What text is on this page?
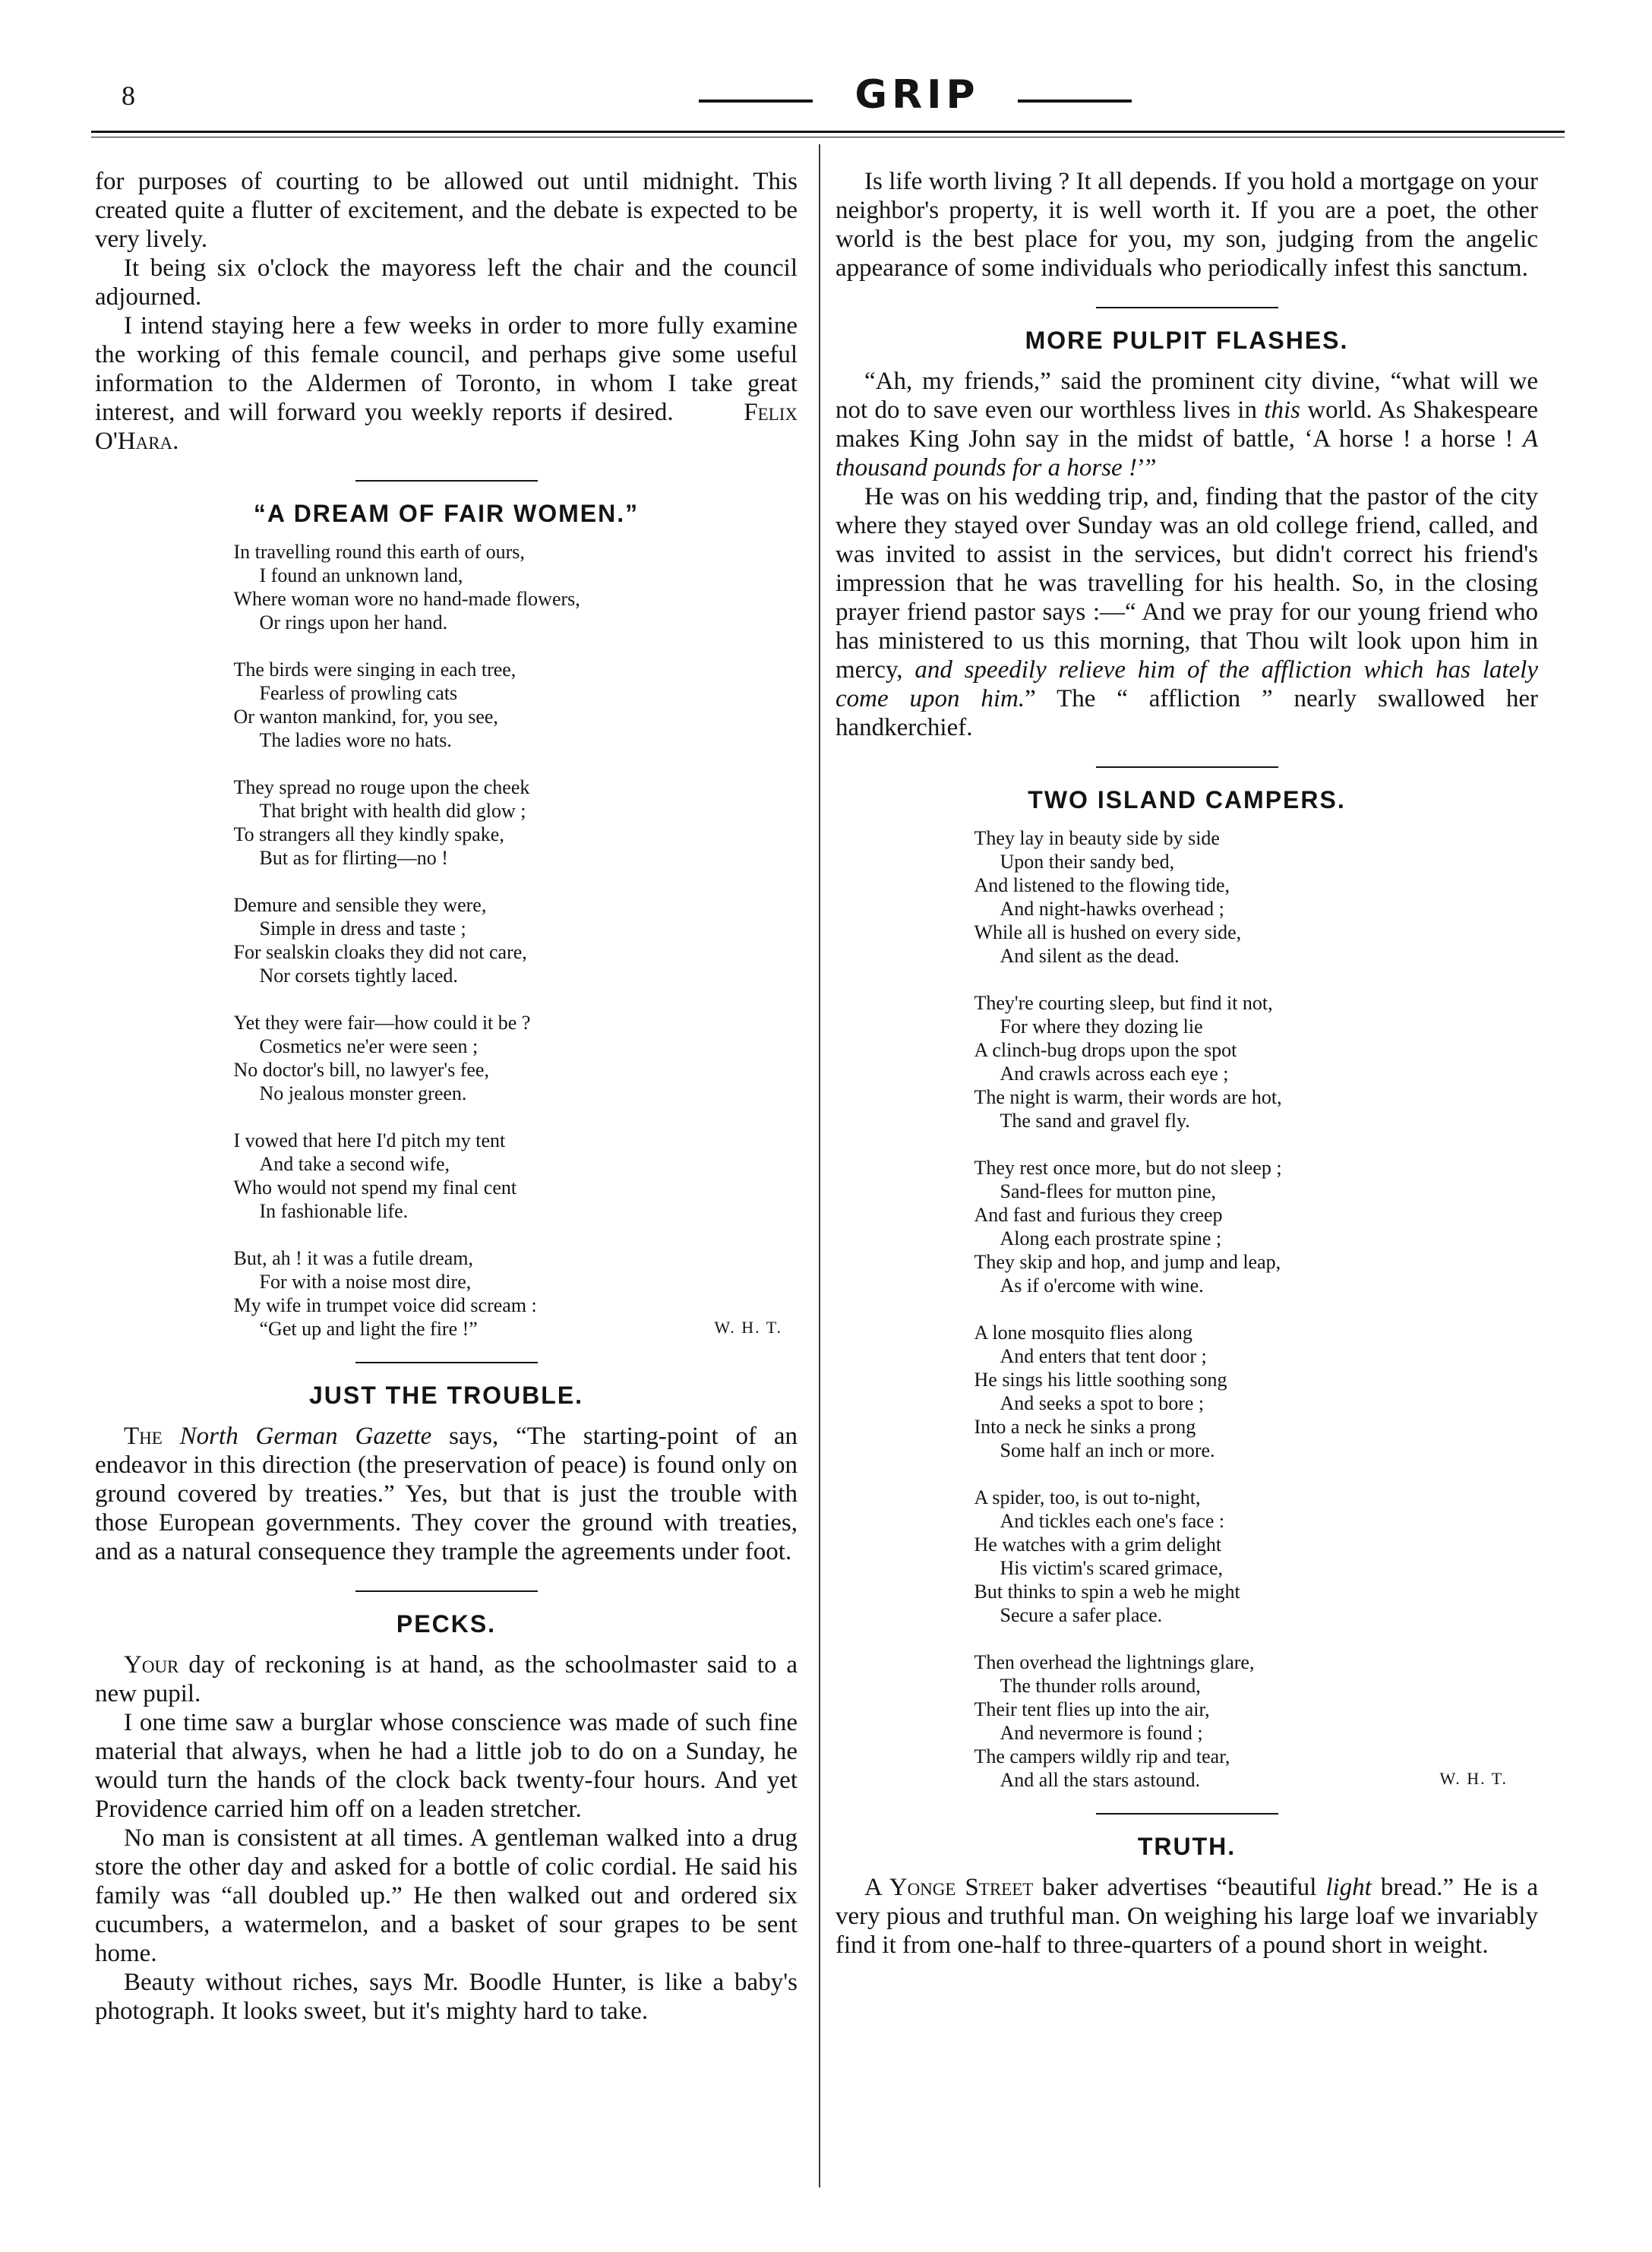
8	GRIP

for purposes of courting to be allowed out until midnight. This created quite a flutter of excitement, and the debate is expected to be very lively.

It being six o'clock the mayoress left the chair and the council adjourned.

I intend staying here a few weeks in order to more fully examine the working of this female council, and perhaps give some useful information to the Aldermen of Toronto, in whom I take great interest, and will forward you weekly reports if desired.	Felix O'Hara.

“A DREAM OF FAIR WOMEN.”
In travelling round this earth of ours,
I found an unknown land,
Where woman wore no hand-made flowers,
Or rings upon her hand.
The birds were singing in each tree,
Fearless of prowling cats
Or wanton mankind, for, you see,
The ladies wore no hats.
They spread no rouge upon the cheek
That bright with health did glow ;
To strangers all they kindly spake,
But as for flirting—no !
Demure and sensible they were,
Simple in dress and taste ;
For sealskin cloaks they did not care,
Nor corsets tightly laced.
Yet they were fair—how could it be ?
Cosmetics ne'er were seen ;
No doctor's bill, no lawyer's fee,
No jealous monster green.
I vowed that here I'd pitch my tent
And take a second wife,
Who would not spend my final cent
In fashionable life.
But, ah ! it was a futile dream,
For with a noise most dire,
My wife in trumpet voice did scream :
“Get up and light the fire !”	W. H. T.
JUST THE TROUBLE.

The North German Gazette says, “The starting-point of an endeavor in this direction (the preservation of peace) is found only on ground covered by treaties.” Yes, but that is just the trouble with those European governments. They cover the ground with treaties, and as a natural consequence they trample the agreements under foot.

PECKS.

Your day of reckoning is at hand, as the schoolmaster said to a new pupil.

I one time saw a burglar whose conscience was made of such fine material that always, when he had a little job to do on a Sunday, he would turn the hands of the clock back twenty-four hours. And yet Providence carried him off on a leaden stretcher.

No man is consistent at all times. A gentleman walked into a drug store the other day and asked for a bottle of colic cordial. He said his family was “all doubled up.” He then walked out and ordered six cucumbers, a watermelon, and a basket of sour grapes to be sent home.

Beauty without riches, says Mr. Boodle Hunter, is like a baby's photograph. It looks sweet, but it's mighty hard to take.

Is life worth living ? It all depends. If you hold a mortgage on your neighbor's property, it is well worth it. If you are a poet, the other world is the best place for you, my son, judging from the angelic appearance of some individuals who periodically infest this sanctum.

MORE PULPIT FLASHES.

“Ah, my friends,” said the prominent city divine, “what will we not do to save even our worthless lives in this world. As Shakespeare makes King John say in the midst of battle, ‘A horse ! a horse ! A thousand pounds for a horse !’”

He was on his wedding trip, and, finding that the pastor of the city where they stayed over Sunday was an old college friend, called, and was invited to assist in the services, but didn't correct his friend's impression that he was travelling for his health. So, in the closing prayer friend pastor says :—“ And we pray for our young friend who has ministered to us this morning, that Thou wilt look upon him in mercy, and speedily relieve him of the affliction which has lately come upon him.” The “ affliction ” nearly swallowed her handkerchief.

TWO ISLAND CAMPERS.
They lay in beauty side by side
Upon their sandy bed,
And listened to the flowing tide,
And night-hawks overhead ;
While all is hushed on every side,
And silent as the dead.
They're courting sleep, but find it not,
For where they dozing lie
A clinch-bug drops upon the spot
And crawls across each eye ;
The night is warm, their words are hot,
The sand and gravel fly.
They rest once more, but do not sleep ;
Sand-flees for mutton pine,
And fast and furious they creep
Along each prostrate spine ;
They skip and hop, and jump and leap,
As if o'ercome with wine.
A lone mosquito flies along
And enters that tent door ;
He sings his little soothing song
And seeks a spot to bore ;
Into a neck he sinks a prong
Some half an inch or more.
A spider, too, is out to-night,
And tickles each one's face :
He watches with a grim delight
His victim's scared grimace,
But thinks to spin a web he might
Secure a safer place.
Then overhead the lightnings glare,
The thunder rolls around,
Their tent flies up into the air,
And nevermore is found ;
The campers wildly rip and tear,
And all the stars astound.	W. H. T.
TRUTH.

A Yonge Street baker advertises “beautiful light bread.” He is a very pious and truthful man. On weighing his large loaf we invariably find it from one-half to three-quarters of a pound short in weight.
